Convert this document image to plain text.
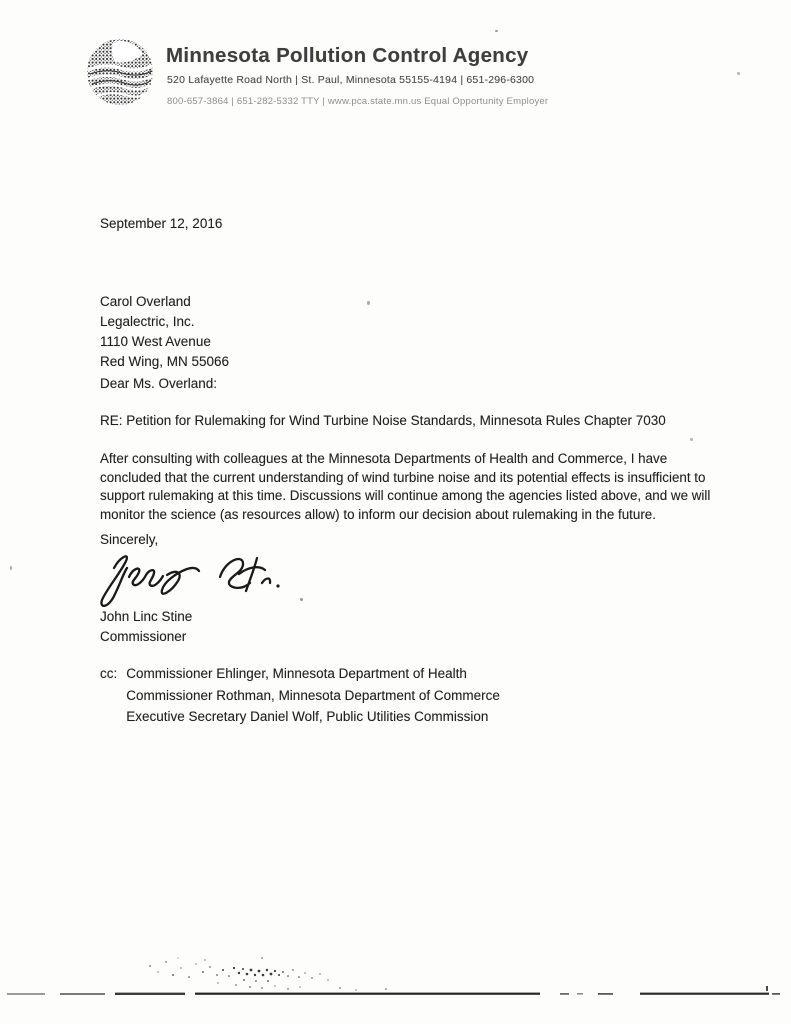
Minnesota Pollution Control Agency
520 Lafayette Road North | St. Paul, Minnesota 55155-4194 | 651-296-6300
800-657-3864 | 651-282-5332 TTY | www.pca.state.mn.us Equal Opportunity Employer
September 12, 2016
Carol Overland
Legalectric, Inc.
1110 West Avenue
Red Wing, MN 55066
Dear Ms. Overland:
RE: Petition for Rulemaking for Wind Turbine Noise Standards, Minnesota Rules Chapter 7030
After consulting with colleagues at the Minnesota Departments of Health and Commerce, I have
concluded that the current understanding of wind turbine noise and its potential effects is insufficient to
support rulemaking at this time. Discussions will continue among the agencies listed above, and we will
monitor the science (as resources allow) to inform our decision about rulemaking in the future.
Sincerely,
John Linc Stine
Commissioner
cc: Commissioner Ehlinger, Minnesota Department of Health
Commissioner Rothman, Minnesota Department of Commerce
Executive Secretary Daniel Wolf, Public Utilities Commission
